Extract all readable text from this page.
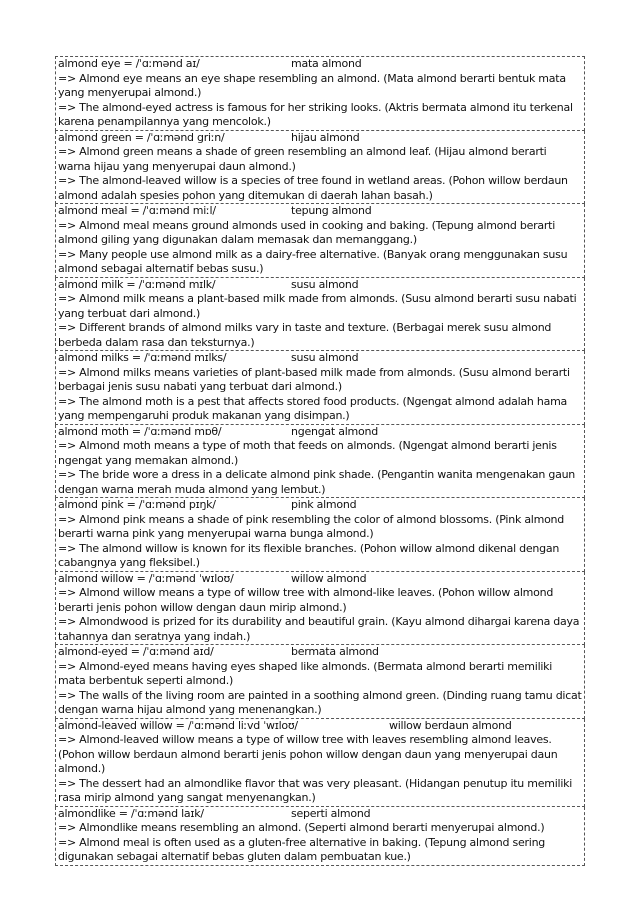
almond eye = /ˈɑːmənd aɪ/	mata almond
=> Almond eye means an eye shape resembling an almond. (Mata almond berarti bentuk mata yang menyerupai almond.)
=> The almond-eyed actress is famous for her striking looks. (Aktris bermata almond itu terkenal karena penampilannya yang mencolok.)
almond green = /ˈɑːmənd griːn/	hijau almond
=> Almond green means a shade of green resembling an almond leaf. (Hijau almond berarti warna hijau yang menyerupai daun almond.)
=> The almond-leaved willow is a species of tree found in wetland areas. (Pohon willow berdaun almond adalah spesies pohon yang ditemukan di daerah lahan basah.)
almond meal = /ˈɑːmənd miːl/	tepung almond
=> Almond meal means ground almonds used in cooking and baking. (Tepung almond berarti almond giling yang digunakan dalam memasak dan memanggang.)
=> Many people use almond milk as a dairy-free alternative. (Banyak orang menggunakan susu almond sebagai alternatif bebas susu.)
almond milk = /ˈɑːmənd mɪlk/	susu almond
=> Almond milk means a plant-based milk made from almonds. (Susu almond berarti susu nabati yang terbuat dari almond.)
=> Different brands of almond milks vary in taste and texture. (Berbagai merek susu almond berbeda dalam rasa dan teksturnya.)
almond milks = /ˈɑːmənd mɪlks/	susu almond
=> Almond milks means varieties of plant-based milk made from almonds. (Susu almond berarti berbagai jenis susu nabati yang terbuat dari almond.)
=> The almond moth is a pest that affects stored food products. (Ngengat almond adalah hama yang mempengaruhi produk makanan yang disimpan.)
almond moth = /ˈɑːmənd mɒθ/	ngengat almond
=> Almond moth means a type of moth that feeds on almonds. (Ngengat almond berarti jenis ngengat yang memakan almond.)
=> The bride wore a dress in a delicate almond pink shade. (Pengantin wanita mengenakan gaun dengan warna merah muda almond yang lembut.)
almond pink = /ˈɑːmənd pɪŋk/	pink almond
=> Almond pink means a shade of pink resembling the color of almond blossoms. (Pink almond berarti warna pink yang menyerupai warna bunga almond.)
=> The almond willow is known for its flexible branches. (Pohon willow almond dikenal dengan cabangnya yang fleksibel.)
almond willow = /ˈɑːmənd ˈwɪloʊ/	willow almond
=> Almond willow means a type of willow tree with almond-like leaves. (Pohon willow almond berarti jenis pohon willow dengan daun mirip almond.)
=> Almondwood is prized for its durability and beautiful grain. (Kayu almond dihargai karena daya tahannya dan seratnya yang indah.)
almond-eyed = /ˈɑːmənd aɪd/	bermata almond
=> Almond-eyed means having eyes shaped like almonds. (Bermata almond berarti memiliki mata berbentuk seperti almond.)
=> The walls of the living room are painted in a soothing almond green. (Dinding ruang tamu dicat dengan warna hijau almond yang menenangkan.)
almond-leaved willow = /ˈɑːmənd liːvd ˈwɪloʊ/	willow berdaun almond
=> Almond-leaved willow means a type of willow tree with leaves resembling almond leaves. (Pohon willow berdaun almond berarti jenis pohon willow dengan daun yang menyerupai daun almond.)
=> The dessert had an almondlike flavor that was very pleasant. (Hidangan penutup itu memiliki rasa mirip almond yang sangat menyenangkan.)
almondlike = /ˈɑːmənd laɪk/	seperti almond
=> Almondlike means resembling an almond. (Seperti almond berarti menyerupai almond.)
=> Almond meal is often used as a gluten-free alternative in baking. (Tepung almond sering digunakan sebagai alternatif bebas gluten dalam pembuatan kue.)
